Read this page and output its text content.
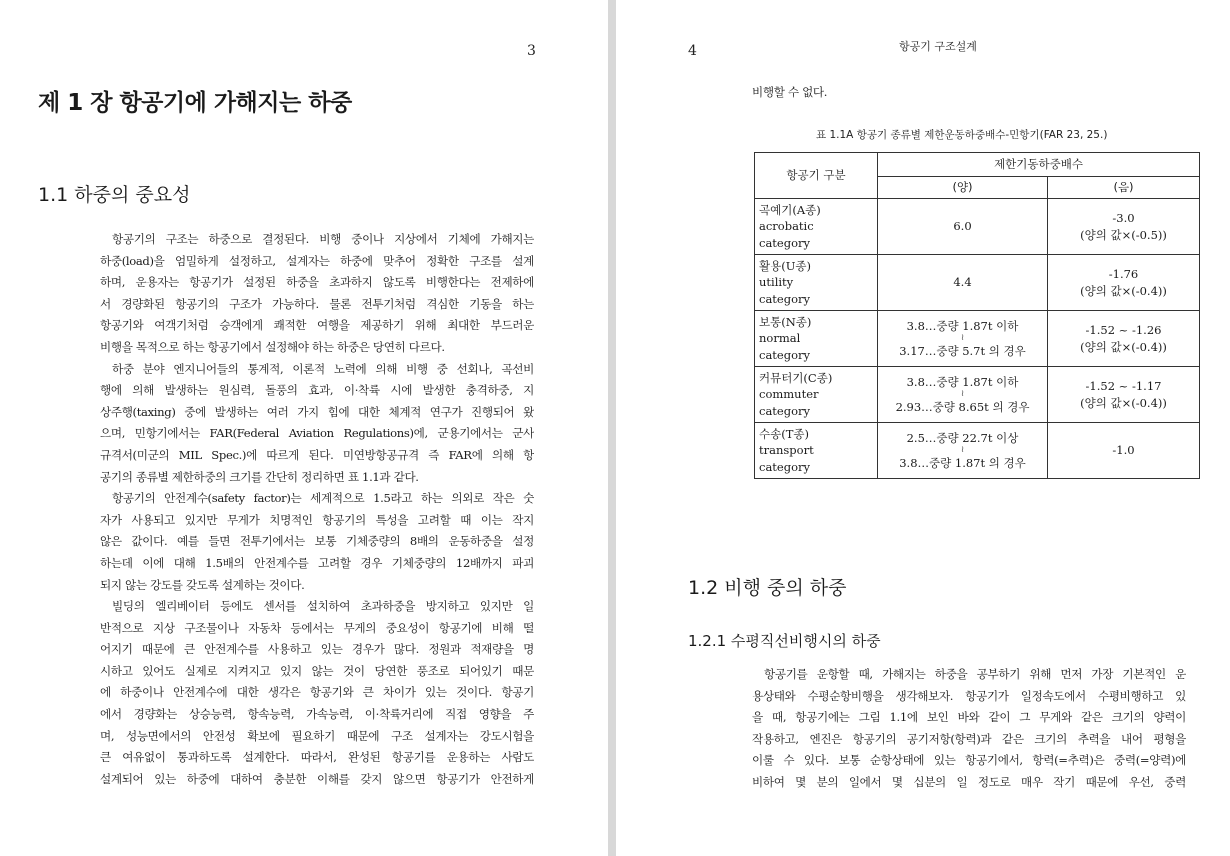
3
제 1 장 항공기에 가해지는 하중
1.1 하중의 중요성
항공기의 구조는 하중으로 결정된다. 비행 중이나 지상에서 기체에 가해지는
하중(load)을 엄밀하게 설정하고, 설계자는 하중에 맞추어 정확한 구조를 설계
하며, 운용자는 항공기가 설정된 하중을 초과하지 않도록 비행한다는 전제하에
서 경량화된 항공기의 구조가 가능하다. 물론 전투기처럼 격심한 기동을 하는
항공기와 여객기처럼 승객에게 쾌적한 여행을 제공하기 위해 최대한 부드러운
비행을 목적으로 하는 항공기에서 설정해야 하는 하중은 당연히 다르다.
하중 분야 엔지니어들의 통계적, 이론적 노력에 의해 비행 중 선회나, 곡선비
행에 의해 발생하는 원심력, 돌풍의 효과, 이·착륙 시에 발생한 충격하중, 지
상주행(taxing) 중에 발생하는 여러 가지 힘에 대한 체계적 연구가 진행되어 왔
으며, 민항기에서는 FAR(Federal Aviation Regulations)에, 군용기에서는 군사
규격서(미군의 MIL Spec.)에 따르게 된다. 미연방항공규격 즉 FAR에 의해 항
공기의 종류별 제한하중의 크기를 간단히 정리하면 표 1.1과 같다.
항공기의 안전계수(safety factor)는 세계적으로 1.5라고 하는 의외로 작은 숫
자가 사용되고 있지만 무게가 치명적인 항공기의 특성을 고려할 때 이는 작지
않은 값이다. 예를 들면 전투기에서는 보통 기체중량의 8배의 운동하중을 설정
하는데 이에 대해 1.5배의 안전계수를 고려할 경우 기체중량의 12배까지 파괴
되지 않는 강도를 갖도록 설계하는 것이다.
빌딩의 엘리베이터 등에도 센서를 설치하여 초과하중을 방지하고 있지만 일
반적으로 지상 구조물이나 자동차 등에서는 무게의 중요성이 항공기에 비해 떨
어지기 때문에 큰 안전계수를 사용하고 있는 경우가 많다. 정원과 적재량을 명
시하고 있어도 실제로 지켜지고 있지 않는 것이 당연한 풍조로 되어있기 때문
에 하중이나 안전계수에 대한 생각은 항공기와 큰 차이가 있는 것이다. 항공기
에서 경량화는 상승능력, 항속능력, 가속능력, 이·착륙거리에 직접 영향을 주
며, 성능면에서의 안전성 확보에 필요하기 때문에 구조 설계자는 강도시험을
큰 여유없이 통과하도록 설계한다. 따라서, 완성된 항공기를 운용하는 사람도
설계되어 있는 하중에 대하여 충분한 이해를 갖지 않으면 항공기가 안전하게
4	항공기 구조설계
비행할 수 없다.
표 1.1A 항공기 종류별 제한운동하중배수-민항기(FAR 23, 25.)
항공기 구분	제한기동하중배수	
	(양)	(음)

곡예기(A종)
acrobatic
category	6.0	-3.0
(양의 값×(-0.5))

활용(U종)
utility
category	4.4	-1.76
(양의 값×(-0.4))

보통(N종)
normal
category	3.8…중량 1.87t 이하
≀
3.17…중량 5.7t 의 경우	-1.52 ~ -1.26
(양의 값×(-0.4))

커뮤터기(C종)
commuter
category	3.8…중량 1.87t 이하
≀
2.93…중량 8.65t 의 경우	-1.52 ~ -1.17
(양의 값×(-0.4))

수송(T종)
transport
category	2.5…중량 22.7t 이상
≀
3.8…중량 1.87t 의 경우	-1.0
1.2 비행 중의 하중
1.2.1 수평직선비행시의 하중
항공기를 운항할 때, 가해지는 하중을 공부하기 위해 먼저 가장 기본적인 운
용상태와 수평순항비행을 생각해보자. 항공기가 일정속도에서 수평비행하고 있
을 때, 항공기에는 그림 1.1에 보인 바와 같이 그 무게와 같은 크기의 양력이
작용하고, 엔진은 항공기의 공기저항(항력)과 같은 크기의 추력을 내어 평형을
이룰 수 있다. 보통 순항상태에 있는 항공기에서, 항력(=추력)은 중력(=양력)에
비하여 몇 분의 일에서 몇 십분의 일 정도로 매우 작기 때문에 우선, 중력
